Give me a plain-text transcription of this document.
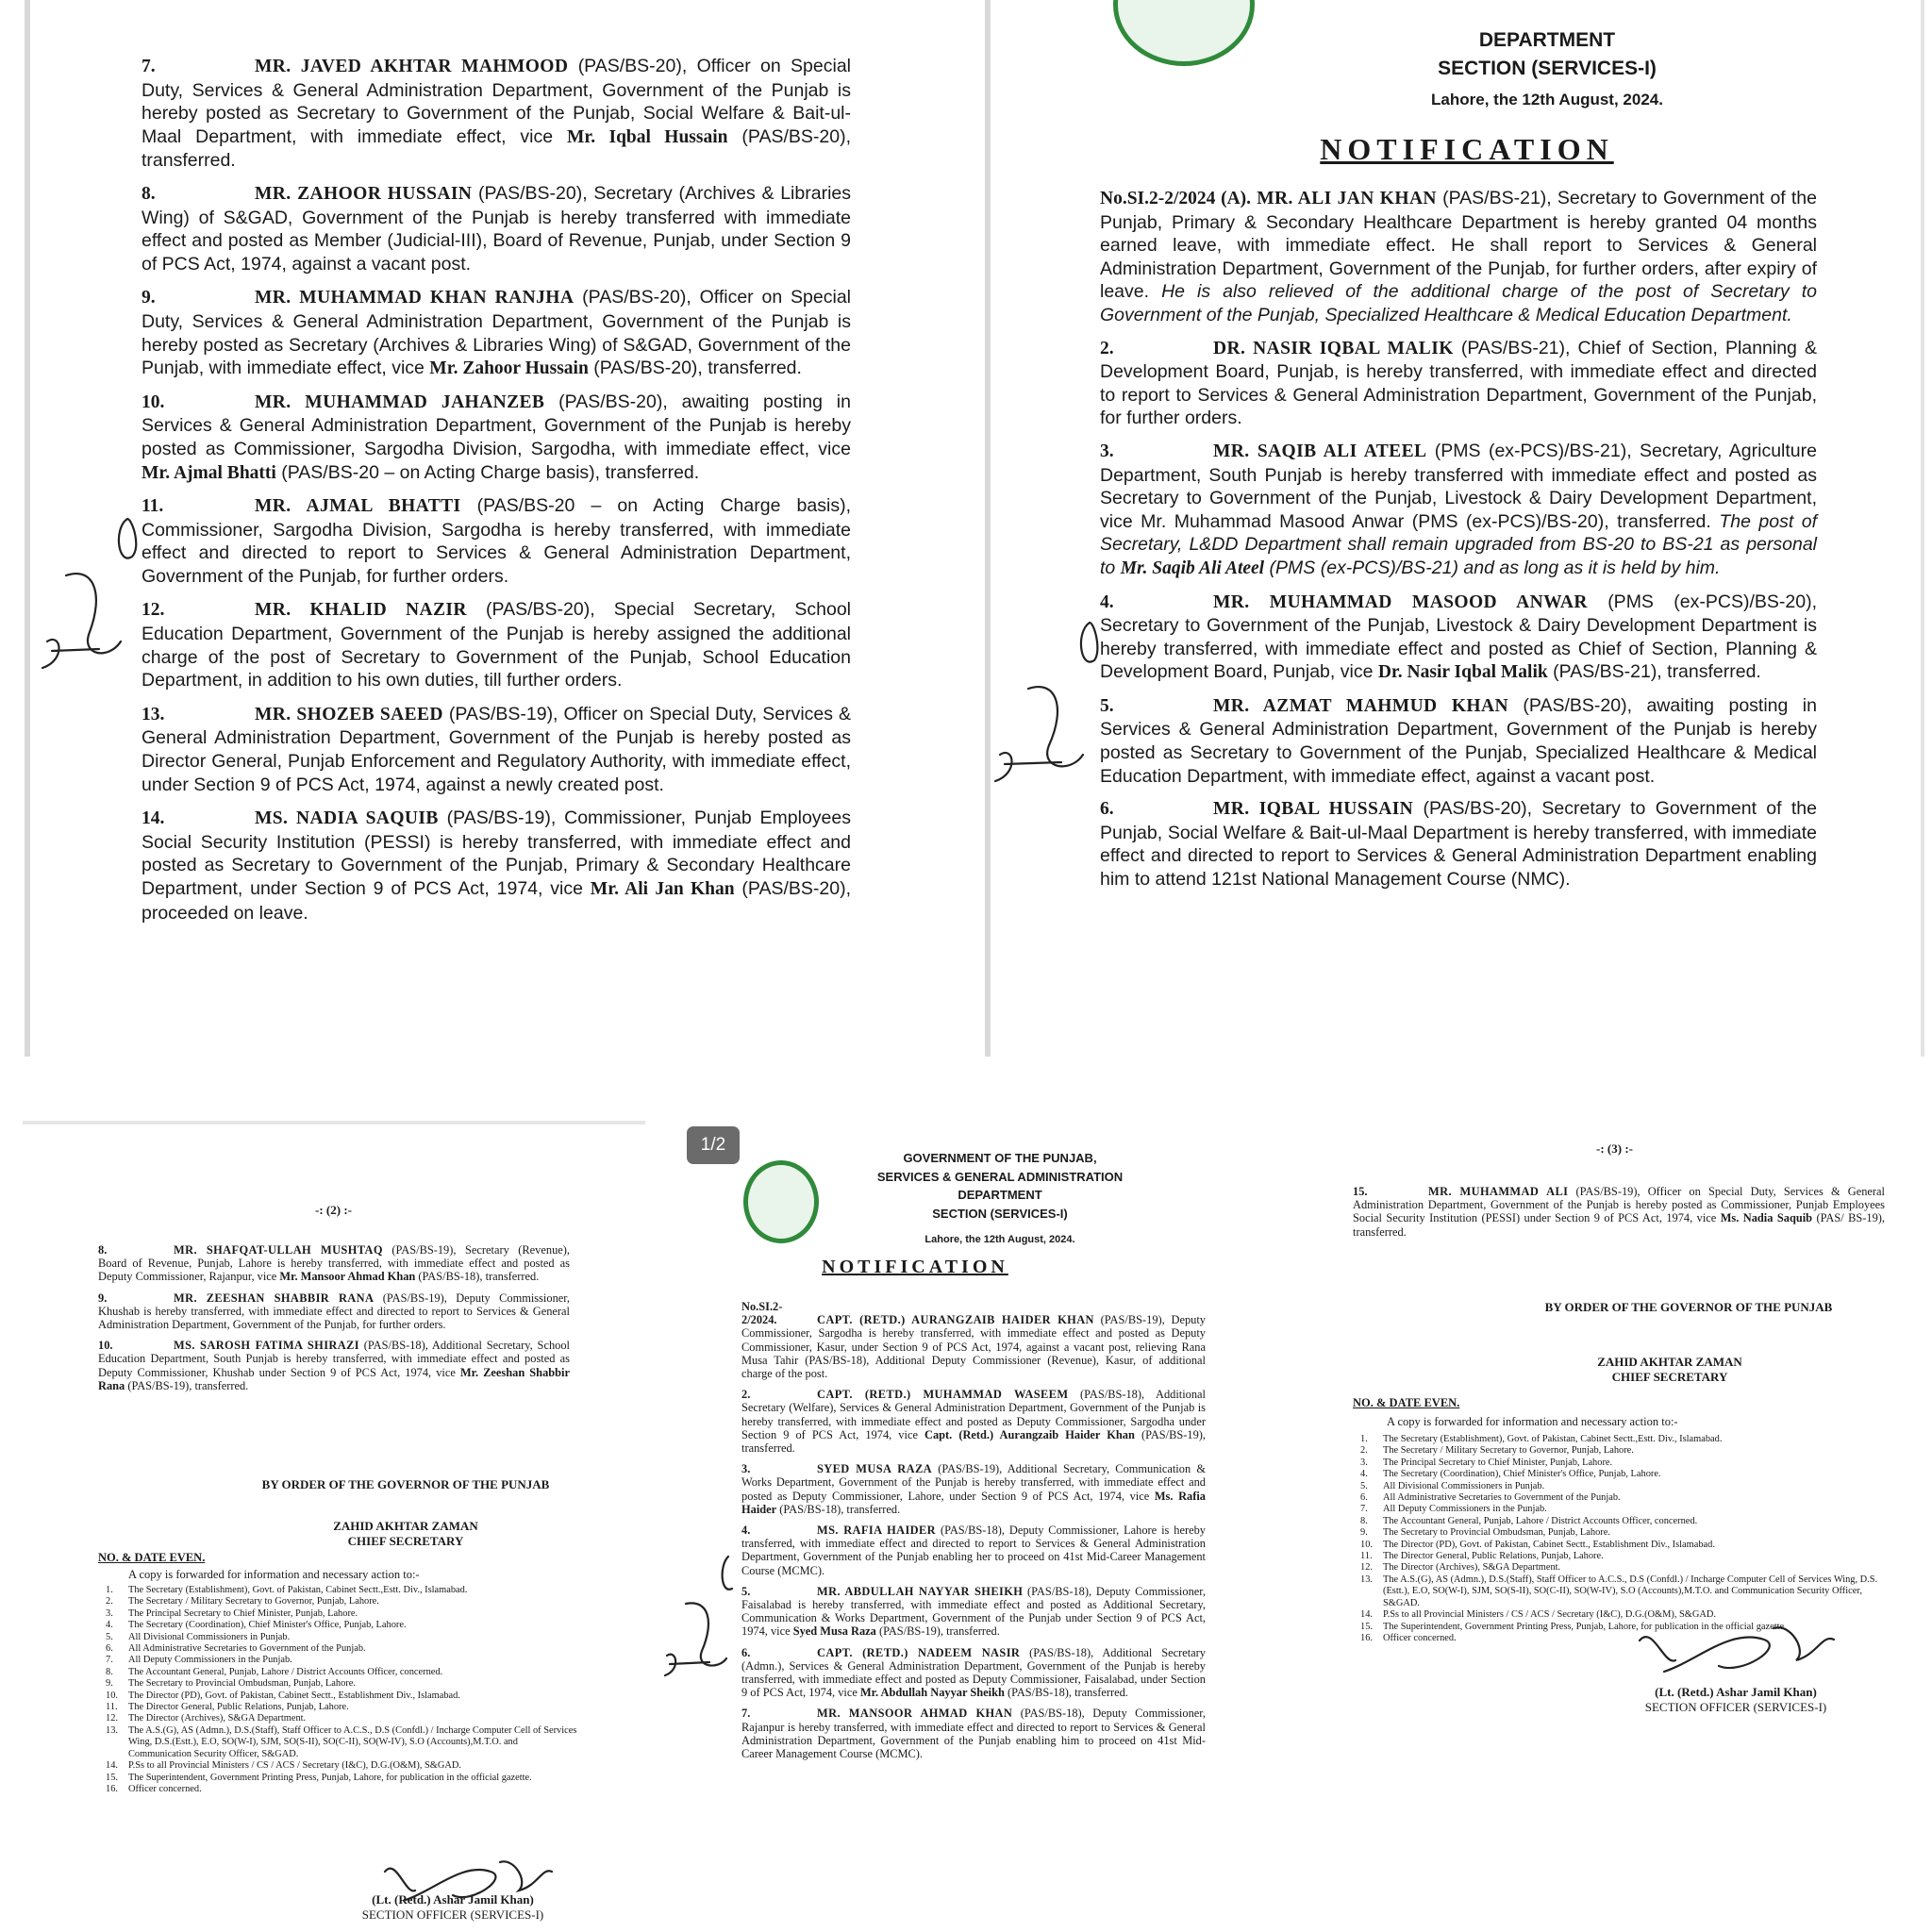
7.	MR. JAVED AKHTAR MAHMOOD (PAS/BS-20), Officer on Special Duty, Services & General Administration Department, Government of the Punjab is hereby posted as Secretary to Government of the Punjab, Social Welfare & Bait-ul-Maal Department, with immediate effect, vice Mr. Iqbal Hussain (PAS/BS-20), transferred.

8.	MR. ZAHOOR HUSSAIN (PAS/BS-20), Secretary (Archives & Libraries Wing) of S&GAD, Government of the Punjab is hereby transferred with immediate effect and posted as Member (Judicial-III), Board of Revenue, Punjab, under Section 9 of PCS Act, 1974, against a vacant post.

9.	MR. MUHAMMAD KHAN RANJHA (PAS/BS-20), Officer on Special Duty, Services & General Administration Department, Government of the Punjab is hereby posted as Secretary (Archives & Libraries Wing) of S&GAD, Government of the Punjab, with immediate effect, vice Mr. Zahoor Hussain (PAS/BS-20), transferred.

10.	MR. MUHAMMAD JAHANZEB (PAS/BS-20), awaiting posting in Services & General Administration Department, Government of the Punjab is hereby posted as Commissioner, Sargodha Division, Sargodha, with immediate effect, vice Mr. Ajmal Bhatti (PAS/BS-20 – on Acting Charge basis), transferred.

11.	MR. AJMAL BHATTI (PAS/BS-20 – on Acting Charge basis), Commissioner, Sargodha Division, Sargodha is hereby transferred, with immediate effect and directed to report to Services & General Administration Department, Government of the Punjab, for further orders.

12.	MR. KHALID NAZIR (PAS/BS-20), Special Secretary, School Education Department, Government of the Punjab is hereby assigned the additional charge of the post of Secretary to Government of the Punjab, School Education Department, in addition to his own duties, till further orders.

13.	MR. SHOZEB SAEED (PAS/BS-19), Officer on Special Duty, Services & General Administration Department, Government of the Punjab is hereby posted as Director General, Punjab Enforcement and Regulatory Authority, with immediate effect, under Section 9 of PCS Act, 1974, against a newly created post.

14.	MS. NADIA SAQUIB (PAS/BS-19), Commissioner, Punjab Employees Social Security Institution (PESSI) is hereby transferred, with immediate effect and posted as Secretary to Government of the Punjab, Primary & Secondary Healthcare Department, under Section 9 of PCS Act, 1974, vice Mr. Ali Jan Khan (PAS/BS-20), proceeded on leave.

DEPARTMENT
SECTION (SERVICES-I)
Lahore, the 12th August, 2024.
NOTIFICATION

No.SI.2-2/2024 (A). MR. ALI JAN KHAN (PAS/BS-21), Secretary to Government of the Punjab, Primary & Secondary Healthcare Department is hereby granted 04 months earned leave, with immediate effect. He shall report to Services & General Administration Department, Government of the Punjab, for further orders, after expiry of leave. He is also relieved of the additional charge of the post of Secretary to Government of the Punjab, Specialized Healthcare & Medical Education Department.

2.	DR. NASIR IQBAL MALIK (PAS/BS-21), Chief of Section, Planning & Development Board, Punjab, is hereby transferred, with immediate effect and directed to report to Services & General Administration Department, Government of the Punjab, for further orders.

3.	MR. SAQIB ALI ATEEL (PMS (ex-PCS)/BS-21), Secretary, Agriculture Department, South Punjab is hereby transferred with immediate effect and posted as Secretary to Government of the Punjab, Livestock & Dairy Development Department, vice Mr. Muhammad Masood Anwar (PMS (ex-PCS)/BS-20), transferred. The post of Secretary, L&DD Department shall remain upgraded from BS-20 to BS-21 as personal to Mr. Saqib Ali Ateel (PMS (ex-PCS)/BS-21) and as long as it is held by him.

4.	MR. MUHAMMAD MASOOD ANWAR (PMS (ex-PCS)/BS-20), Secretary to Government of the Punjab, Livestock & Dairy Development Department is hereby transferred, with immediate effect and posted as Chief of Section, Planning & Development Board, Punjab, vice Dr. Nasir Iqbal Malik (PAS/BS-21), transferred.

5.	MR. AZMAT MAHMUD KHAN (PAS/BS-20), awaiting posting in Services & General Administration Department, Government of the Punjab is hereby posted as Secretary to Government of the Punjab, Specialized Healthcare & Medical Education Department, with immediate effect, against a vacant post.

6.	MR. IQBAL HUSSAIN (PAS/BS-20), Secretary to Government of the Punjab, Social Welfare & Bait-ul-Maal Department is hereby transferred, with immediate effect and directed to report to Services & General Administration Department enabling him to attend 121st National Management Course (NMC).

-: (2) :-

8.	MR. SHAFQAT-ULLAH MUSHTAQ (PAS/BS-19), Secretary (Revenue), Board of Revenue, Punjab, Lahore is hereby transferred, with immediate effect and posted as Deputy Commissioner, Rajanpur, vice Mr. Mansoor Ahmad Khan (PAS/BS-18), transferred.

9.	MR. ZEESHAN SHABBIR RANA (PAS/BS-19), Deputy Commissioner, Khushab is hereby transferred, with immediate effect and directed to report to Services & General Administration Department, Government of the Punjab, for further orders.

10.	MS. SAROSH FATIMA SHIRAZI (PAS/BS-18), Additional Secretary, School Education Department, South Punjab is hereby transferred, with immediate effect and posted as Deputy Commissioner, Khushab under Section 9 of PCS Act, 1974, vice Mr. Zeeshan Shabbir Rana (PAS/BS-19), transferred.

BY ORDER OF THE GOVERNOR OF THE PUNJAB
ZAHID AKHTAR ZAMAN
CHIEF SECRETARY
NO. & DATE EVEN.
A copy is forwarded for information and necessary action to:-
1.	The Secretary (Establishment), Govt. of Pakistan, Cabinet Sectt.,Estt. Div., Islamabad.
2.	The Secretary / Military Secretary to Governor, Punjab, Lahore.
3.	The Principal Secretary to Chief Minister, Punjab, Lahore.
4.	The Secretary (Coordination), Chief Minister's Office, Punjab, Lahore.
5.	All Divisional Commissioners in Punjab.
6.	All Administrative Secretaries to Government of the Punjab.
7.	All Deputy Commissioners in the Punjab.
8.	The Accountant General, Punjab, Lahore / District Accounts Officer, concerned.
9.	The Secretary to Provincial Ombudsman, Punjab, Lahore.
10.	The Director (PD), Govt. of Pakistan, Cabinet Sectt., Establishment Div., Islamabad.
11.	The Director General, Public Relations, Punjab, Lahore.
12.	The Director (Archives), S&GA Department.
13.	The A.S.(G), AS (Admn.), D.S.(Staff), Staff Officer to A.C.S., D.S (Confdl.) / Incharge Computer Cell of Services Wing, D.S.(Estt.), E.O, SO(W-I), SJM, SO(S-II), SO(C-II), SO(W-IV), S.O (Accounts),M.T.O. and Communication Security Officer, S&GAD.
14.	P.Ss to all Provincial Ministers / CS / ACS / Secretary (I&C), D.G.(O&M), S&GAD.
15.	The Superintendent, Government Printing Press, Punjab, Lahore, for publication in the official gazette.
16.	Officer concerned.
(Lt. (Retd.) Ashar Jamil Khan)
SECTION OFFICER (SERVICES-I)
1/2
GOVERNMENT OF THE PUNJAB,
SERVICES & GENERAL ADMINISTRATION
DEPARTMENT
SECTION (SERVICES-I)
Lahore, the 12th August, 2024.
NOTIFICATION

No.SI.2-2/2024.	CAPT. (RETD.) AURANGZAIB HAIDER KHAN (PAS/BS-19), Deputy Commissioner, Sargodha is hereby transferred, with immediate effect and posted as Deputy Commissioner, Kasur, under Section 9 of PCS Act, 1974, against a vacant post, relieving Rana Musa Tahir (PAS/BS-18), Additional Deputy Commissioner (Revenue), Kasur, of additional charge of the post.

2.	CAPT. (RETD.) MUHAMMAD WASEEM (PAS/BS-18), Additional Secretary (Welfare), Services & General Administration Department, Government of the Punjab is hereby transferred, with immediate effect and posted as Deputy Commissioner, Sargodha under Section 9 of PCS Act, 1974, vice Capt. (Retd.) Aurangzaib Haider Khan (PAS/BS-19), transferred.

3.	SYED MUSA RAZA (PAS/BS-19), Additional Secretary, Communication & Works Department, Government of the Punjab is hereby transferred, with immediate effect and posted as Deputy Commissioner, Lahore, under Section 9 of PCS Act, 1974, vice Ms. Rafia Haider (PAS/BS-18), transferred.

4.	MS. RAFIA HAIDER (PAS/BS-18), Deputy Commissioner, Lahore is hereby transferred, with immediate effect and directed to report to Services & General Administration Department, Government of the Punjab enabling her to proceed on 41st Mid-Career Management Course (MCMC).

5.	MR. ABDULLAH NAYYAR SHEIKH (PAS/BS-18), Deputy Commissioner, Faisalabad is hereby transferred, with immediate effect and posted as Additional Secretary, Communication & Works Department, Government of the Punjab under Section 9 of PCS Act, 1974, vice Syed Musa Raza (PAS/BS-19), transferred.

6.	CAPT. (RETD.) NADEEM NASIR (PAS/BS-18), Additional Secretary (Admn.), Services & General Administration Department, Government of the Punjab is hereby transferred, with immediate effect and posted as Deputy Commissioner, Faisalabad, under Section 9 of PCS Act, 1974, vice Mr. Abdullah Nayyar Sheikh (PAS/BS-18), transferred.

7.	MR. MANSOOR AHMAD KHAN (PAS/BS-18), Deputy Commissioner, Rajanpur is hereby transferred, with immediate effect and directed to report to Services & General Administration Department, Government of the Punjab enabling him to proceed on 41st Mid-Career Management Course (MCMC).

-: (3) :-

15.	MR. MUHAMMAD ALI (PAS/BS-19), Officer on Special Duty, Services & General Administration Department, Government of the Punjab is hereby posted as Commissioner, Punjab Employees Social Security Institution (PESSI) under Section 9 of PCS Act, 1974, vice Ms. Nadia Saquib (PAS/ BS-19), transferred.

BY ORDER OF THE GOVERNOR OF THE PUNJAB
ZAHID AKHTAR ZAMAN
CHIEF SECRETARY
NO. & DATE EVEN.
A copy is forwarded for information and necessary action to:-
1.	The Secretary (Establishment), Govt. of Pakistan, Cabinet Sectt.,Estt. Div., Islamabad.
2.	The Secretary / Military Secretary to Governor, Punjab, Lahore.
3.	The Principal Secretary to Chief Minister, Punjab, Lahore.
4.	The Secretary (Coordination), Chief Minister's Office, Punjab, Lahore.
5.	All Divisional Commissioners in Punjab.
6.	All Administrative Secretaries to Government of the Punjab.
7.	All Deputy Commissioners in the Punjab.
8.	The Accountant General, Punjab, Lahore / District Accounts Officer, concerned.
9.	The Secretary to Provincial Ombudsman, Punjab, Lahore.
10.	The Director (PD), Govt. of Pakistan, Cabinet Sectt., Establishment Div., Islamabad.
11.	The Director General, Public Relations, Punjab, Lahore.
12.	The Director (Archives), S&GA Department.
13.	The A.S.(G), AS (Admn.), D.S.(Staff), Staff Officer to A.C.S., D.S (Confdl.) / Incharge Computer Cell of Services Wing, D.S.(Estt.), E.O, SO(W-I), SJM, SO(S-II), SO(C-II), SO(W-IV), S.O (Accounts),M.T.O. and Communication Security Officer, S&GAD.
14.	P.Ss to all Provincial Ministers / CS / ACS / Secretary (I&C), D.G.(O&M), S&GAD.
15.	The Superintendent, Government Printing Press, Punjab, Lahore, for publication in the official gazette.
16.	Officer concerned.
(Lt. (Retd.) Ashar Jamil Khan)
SECTION OFFICER (SERVICES-I)
